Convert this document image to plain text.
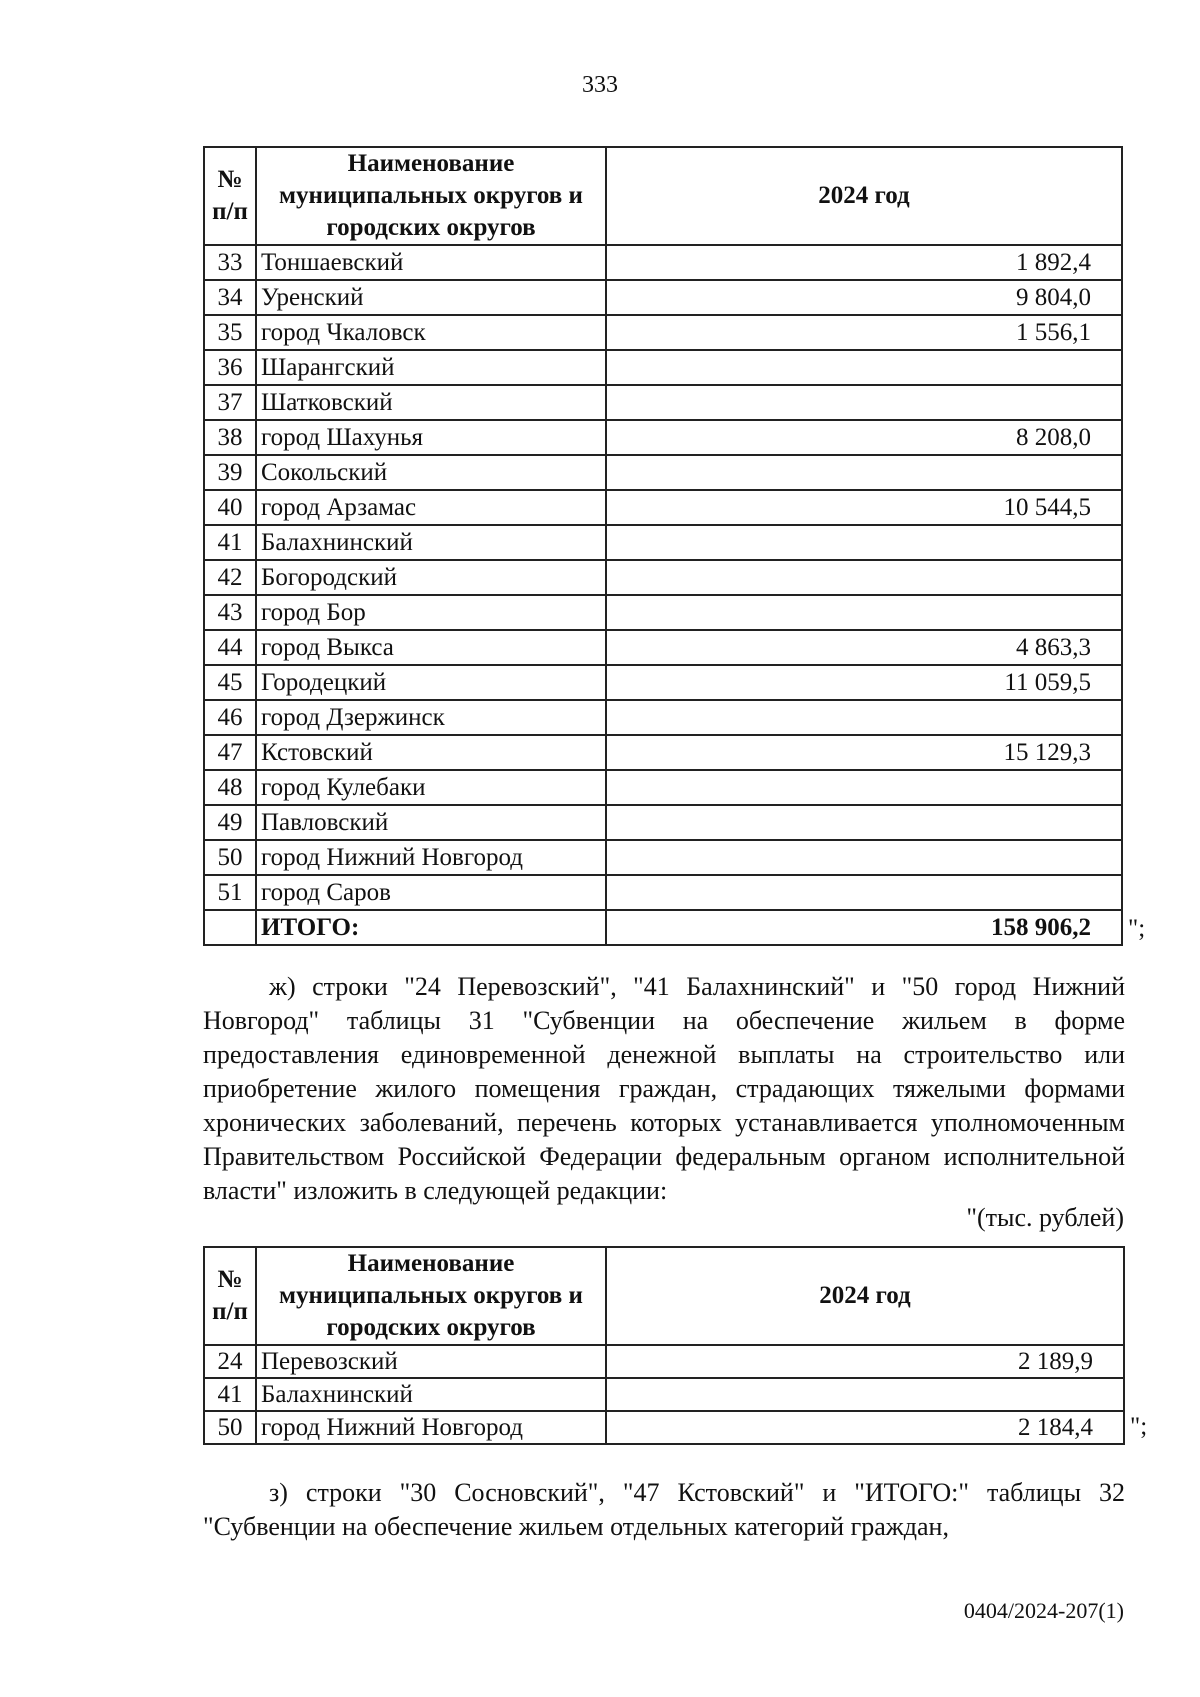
333
№ п/п	Наименование муниципальных округов и городских округов	2024 год
33	Тоншаевский	1 892,4
34	Уренский	9 804,0
35	город Чкаловск	1 556,1
36	Шарангский	
37	Шатковский	
38	город Шахунья	8 208,0
39	Сокольский	
40	город Арзамас	10 544,5
41	Балахнинский	
42	Богородский	
43	город Бор	
44	город Выкса	4 863,3
45	Городецкий	11 059,5
46	город Дзержинск	
47	Кстовский	15 129,3
48	город Кулебаки	
49	Павловский	
50	город Нижний Новгород	
51	город Саров	
	ИТОГО:	158 906,2 ";
ж) строки "24 Перевозский", "41 Балахнинский" и "50 город Нижний Новгород" таблицы 31 "Субвенции на обеспечение жильем в форме предоставления единовременной денежной выплаты на строительство или приобретение жилого помещения граждан, страдающих тяжелыми формами хронических заболеваний, перечень которых устанавливается уполномоченным Правительством Российской Федерации федеральным органом исполнительной власти" изложить в следующей редакции:
"(тыс. рублей)
№ п/п	Наименование муниципальных округов и городских округов	2024 год
24	Перевозский	2 189,9
41	Балахнинский	
50	город Нижний Новгород	2 184,4 ";
з) строки "30 Сосновский", "47 Кстовский" и "ИТОГО:" таблицы 32 "Субвенции на обеспечение жильем отдельных категорий граждан,
0404/2024-207(1)
